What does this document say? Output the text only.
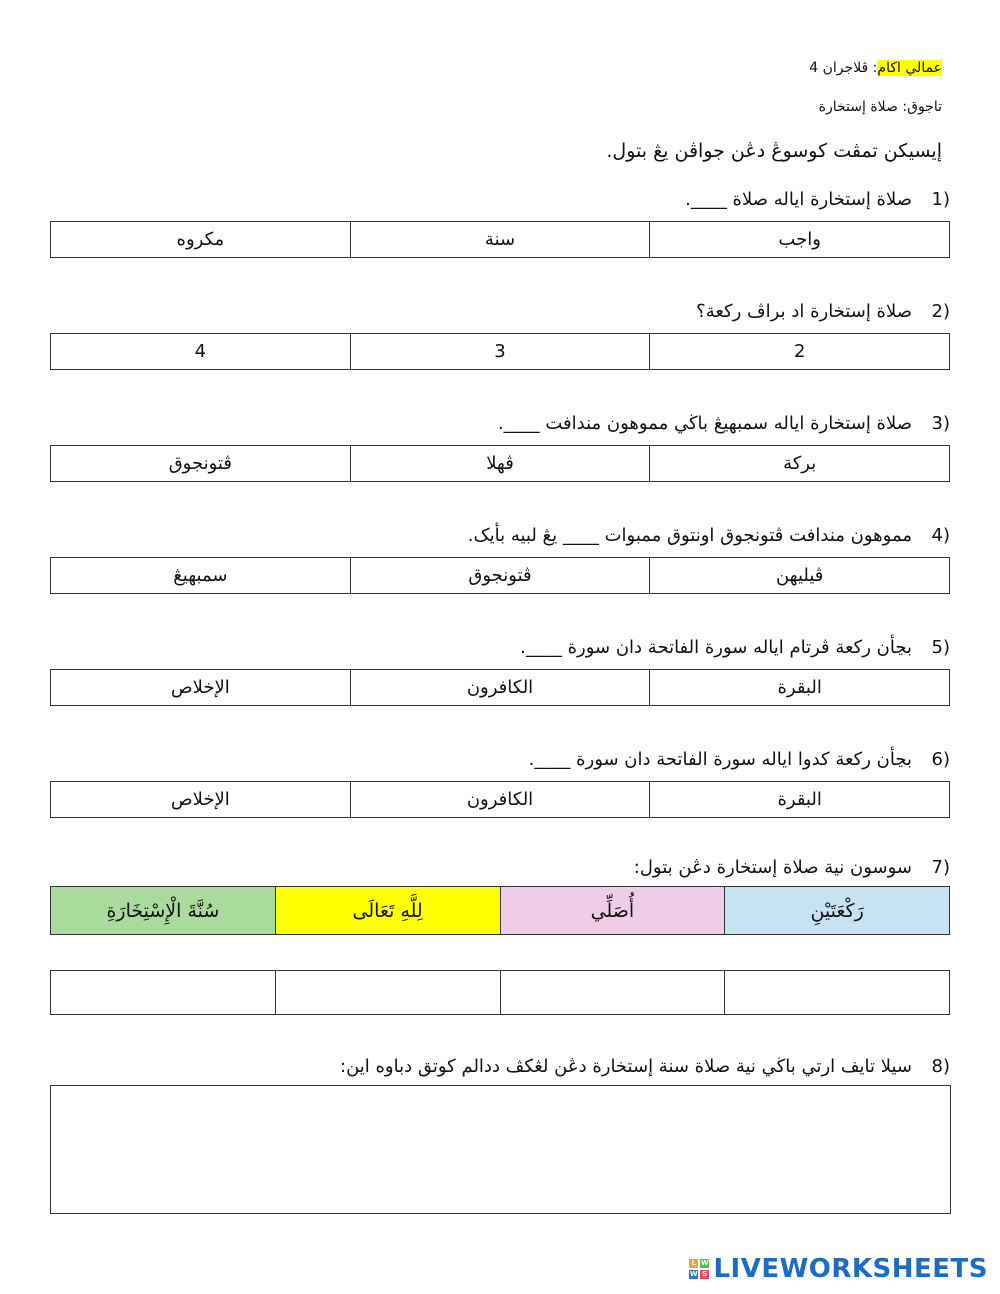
عمالي اكام: ڤلاجران 4
تاجوق: صلاة إستخارة
إيسيكن تمڤت كوسوڠ دڠن جواڤن يڠ بتول.
1)
صلاة إستخارة اياله صلاة ____.
واجب	سنة	مكروه
2)
صلاة إستخارة اد براڤ ركعة؟
2	3	4
3)
صلاة إستخارة اياله سمبهيڠ باڬي مموهون مندافت ____.
بركة	ڤهلا	ڤتونجوق
4)
مموهون مندافت ڤتونجوق اونتوق ممبوات ____ يڠ لبيه بأيک.
ڤيليهن	ڤتونجوق	سمبهيڠ
5)
بڃأن ركعة ڤرتام اياله سورة الفاتحة دان سورة ____.
البقرة	الكافرون	الإخلاص
6)
بڃأن ركعة كدوا اياله سورة الفاتحة دان سورة ____.
البقرة	الكافرون	الإخلاص
7)
سوسون نية صلاة إستخارة دڠن بتول:
رَكْعَتَيْنِ	أُصَلِّي	لِلَّهِ تَعَالَى	سُنَّةَ الْإِسْتِخَارَةِ

8)
سيلا تايف ارتي باڬي نية صلاة سنة إستخارة دڠن لڠكڤ ددالم كوتق دباوه اين:
L W
W S LIVEWORKSHEETS
